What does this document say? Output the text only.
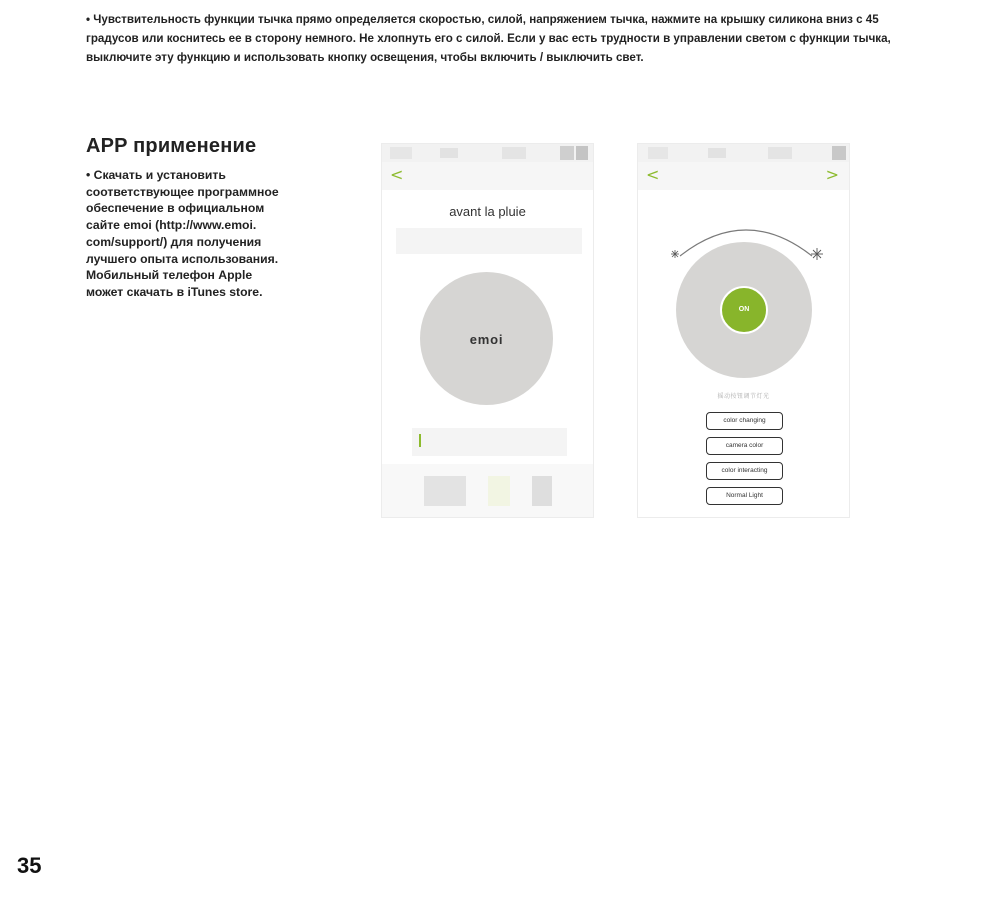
• Чувствительность функции тычка прямо определяется скоростью, силой, напряжением тычка, нажмите на крышку силикона вниз с 45 градусов или коснитесь ее в сторону немного. Не хлопнуть его с силой. Если у вас есть трудности в управлении светом с функции тычка, выключите эту функцию и использовать кнопку освещения, чтобы включить / выключить свет.
APP применение
• Скачать и установить соответствующее программное обеспечение в официальном сайте emoi (http://www.emoi. com/support/) для получения лучшего опыта использования. Мобильный телефон Apple может скачать в iTunes store.
<
avant la pluie
emoi
<	>
ON
摇动按钮调节灯光
color changing
camera color
color interacting
Normal Light
35
